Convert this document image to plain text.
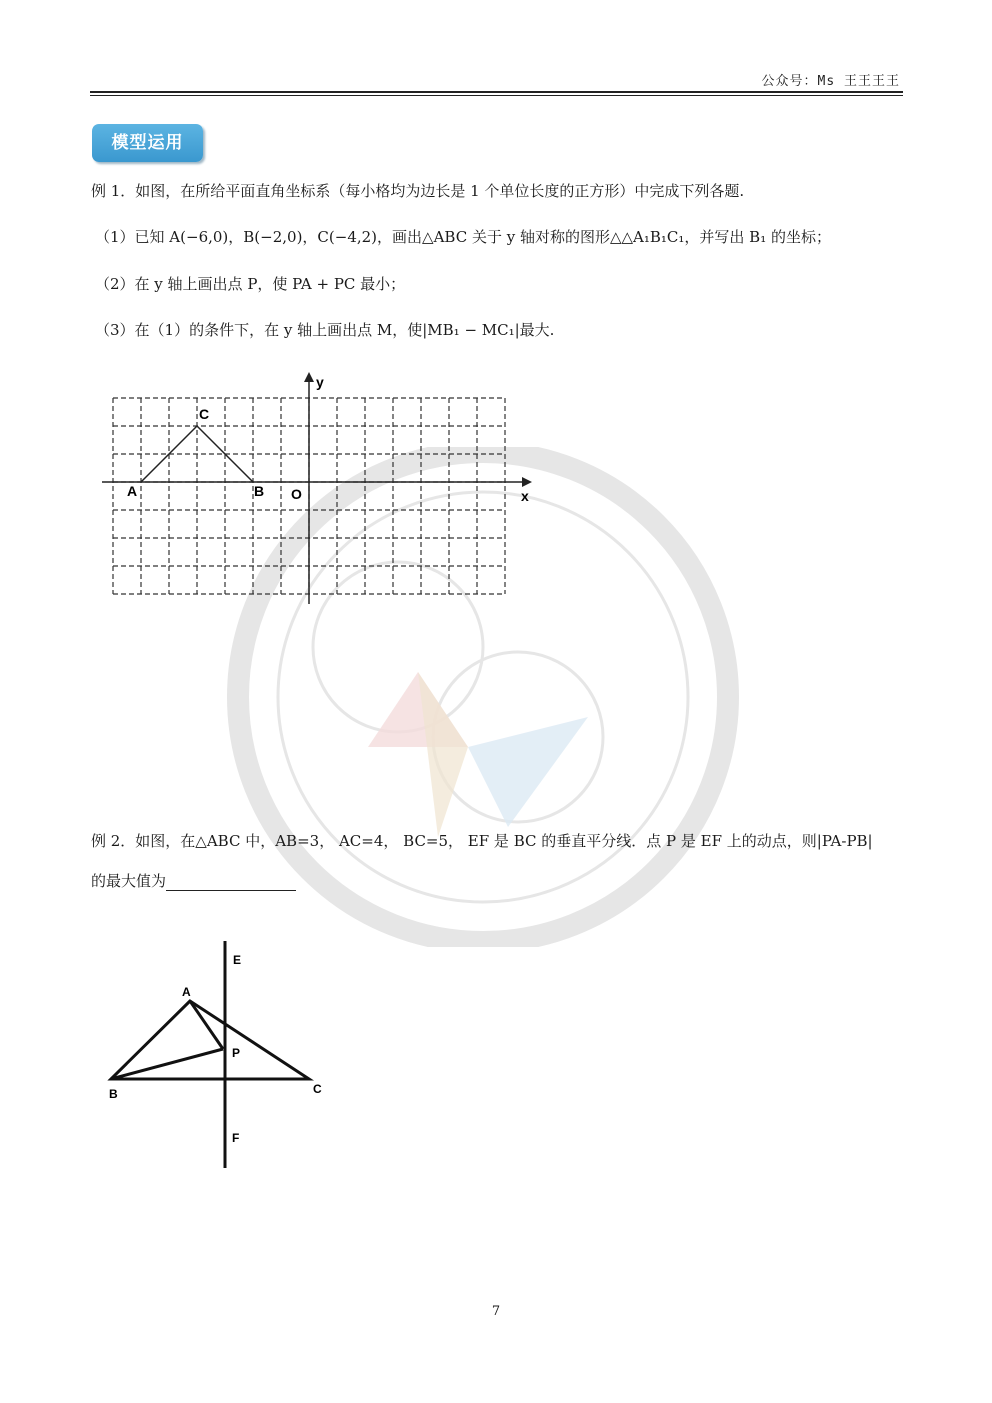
公众号：Ms 王王王王
模型运用
例 1．如图，在所给平面直角坐标系（每小格均为边长是 1 个单位长度的正方形）中完成下列各题.
（1）已知 A(−6,0)，B(−2,0)，C(−4,2)，画出△ABC 关于 y 轴对称的图形△△A₁B₁C₁，并写出 B₁ 的坐标；
（2）在 y 轴上画出点 P，使 PA + PC 最小；
（3）在（1）的条件下，在 y 轴上画出点 M，使|MB₁ − MC₁|最大.
A	B
C
O	x
y
例 2．如图，在△ABC 中，AB=3， AC=4， BC=5， EF 是 BC 的垂直平分线．点 P 是 EF 上的动点，则|PA-PB|
的最大值为
E
A
P
B	C
F
7
